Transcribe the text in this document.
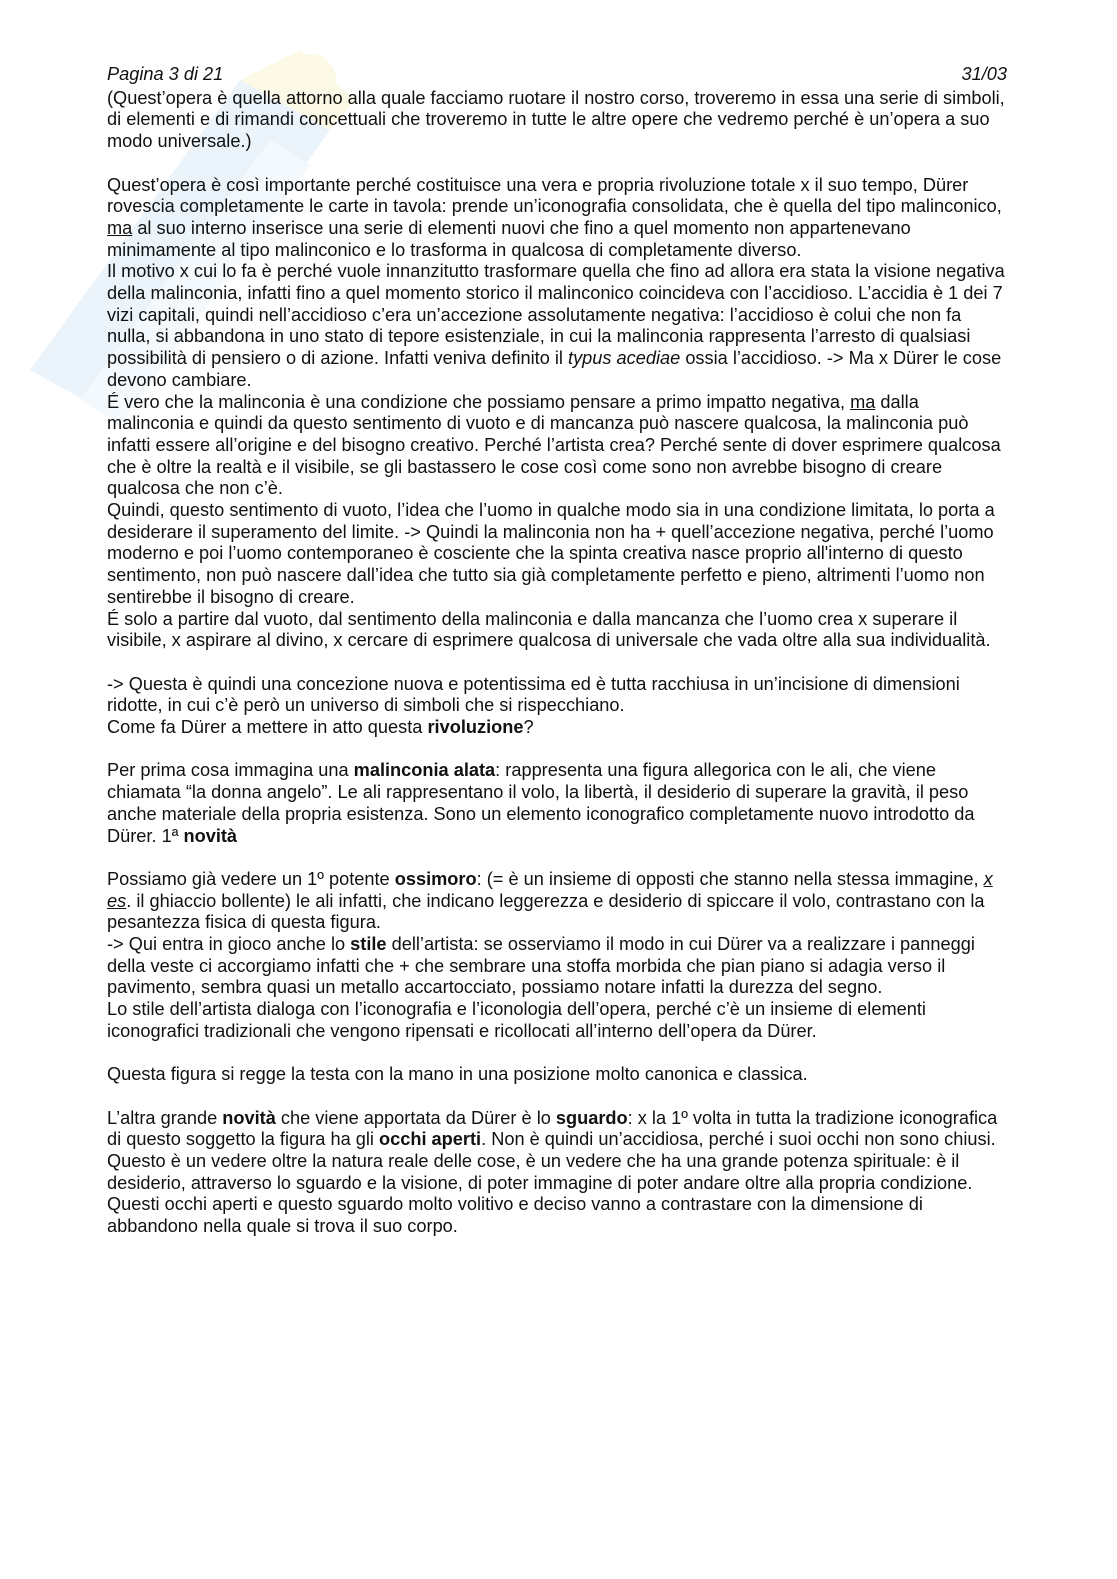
Pagina 3 di 21	31/03

(Quest’opera è quella attorno alla quale facciamo ruotare il nostro corso, troveremo in essa una serie di simboli, di elementi e di rimandi concettuali che troveremo in tutte le altre opere che vedremo perché è un’opera a suo modo universale.)

Quest’opera è così importante perché costituisce una vera e propria rivoluzione totale x il suo tempo, Dürer rovescia completamente le carte in tavola: prende un’iconografia consolidata, che è quella del tipo malinconico, ma al suo interno inserisce una serie di elementi nuovi che fino a quel momento non appartenevano minimamente al tipo malinconico e lo trasforma in qualcosa di completamente diverso.

Il motivo x cui lo fa è perché vuole innanzitutto trasformare quella che fino ad allora era stata la visione negativa della malinconia, infatti fino a quel momento storico il malinconico coincideva con l’accidioso. L’accidia è 1 dei 7 vizi capitali, quindi nell’accidioso c’era un’accezione assolutamente negativa: l’accidioso è colui che non fa nulla, si abbandona in uno stato di tepore esistenziale, in cui la malinconia rappresenta l’arresto di qualsiasi possibilità di pensiero o di azione. Infatti veniva definito il typus acediae ossia l’accidioso. -> Ma x Dürer le cose devono cambiare.

É vero che la malinconia è una condizione che possiamo pensare a primo impatto negativa, ma dalla malinconia e quindi da questo sentimento di vuoto e di mancanza può nascere qualcosa, la malinconia può infatti essere all’origine e del bisogno creativo. Perché l’artista crea? Perché sente di dover esprimere qualcosa che è oltre la realtà e il visibile, se gli bastassero le cose così come sono non avrebbe bisogno di creare qualcosa che non c’è.

Quindi, questo sentimento di vuoto, l’idea che l’uomo in qualche modo sia in una condizione limitata, lo porta a desiderare il superamento del limite. -> Quindi la malinconia non ha + quell’accezione negativa, perché l’uomo moderno e poi l’uomo contemporaneo è cosciente che la spinta creativa nasce proprio all'interno di questo sentimento, non può nascere dall’idea che tutto sia già completamente perfetto e pieno, altrimenti l’uomo non sentirebbe il bisogno di creare.

É solo a partire dal vuoto, dal sentimento della malinconia e dalla mancanza che l’uomo crea x superare il visibile, x aspirare al divino, x cercare di esprimere qualcosa di universale che vada oltre alla sua individualità.

-> Questa è quindi una concezione nuova e potentissima ed è tutta racchiusa in un’incisione di dimensioni ridotte, in cui c’è però un universo di simboli che si rispecchiano.

Come fa Dürer a mettere in atto questa rivoluzione?

Per prima cosa immagina una malinconia alata: rappresenta una figura allegorica con le ali, che viene chiamata “la donna angelo”. Le ali rappresentano il volo, la libertà, il desiderio di superare la gravità, il peso anche materiale della propria esistenza. Sono un elemento iconografico completamente nuovo introdotto da Dürer. 1ª novità

Possiamo già vedere un 1º potente ossimoro: (= è un insieme di opposti che stanno nella stessa immagine, x es. il ghiaccio bollente) le ali infatti, che indicano leggerezza e desiderio di spiccare il volo, contrastano con la pesantezza fisica di questa figura.

-> Qui entra in gioco anche lo stile dell’artista: se osserviamo il modo in cui Dürer va a realizzare i panneggi della veste ci accorgiamo infatti che + che sembrare una stoffa morbida che pian piano si adagia verso il pavimento, sembra quasi un metallo accartocciato, possiamo notare infatti la durezza del segno.

Lo stile dell’artista dialoga con l’iconografia e l’iconologia dell’opera, perché c’è un insieme di elementi iconografici tradizionali che vengono ripensati e ricollocati all’interno dell’opera da Dürer.

Questa figura si regge la testa con la mano in una posizione molto canonica e classica.

L’altra grande novità che viene apportata da Dürer è lo sguardo: x la 1º volta in tutta la tradizione iconografica di questo soggetto la figura ha gli occhi aperti. Non è quindi un’accidiosa, perché i suoi occhi non sono chiusi.

Questo è un vedere oltre la natura reale delle cose, è un vedere che ha una grande potenza spirituale: è il desiderio, attraverso lo sguardo e la visione, di poter immagine di poter andare oltre alla propria condizione.

Questi occhi aperti e questo sguardo molto volitivo e deciso vanno a contrastare con la dimensione di abbandono nella quale si trova il suo corpo.
